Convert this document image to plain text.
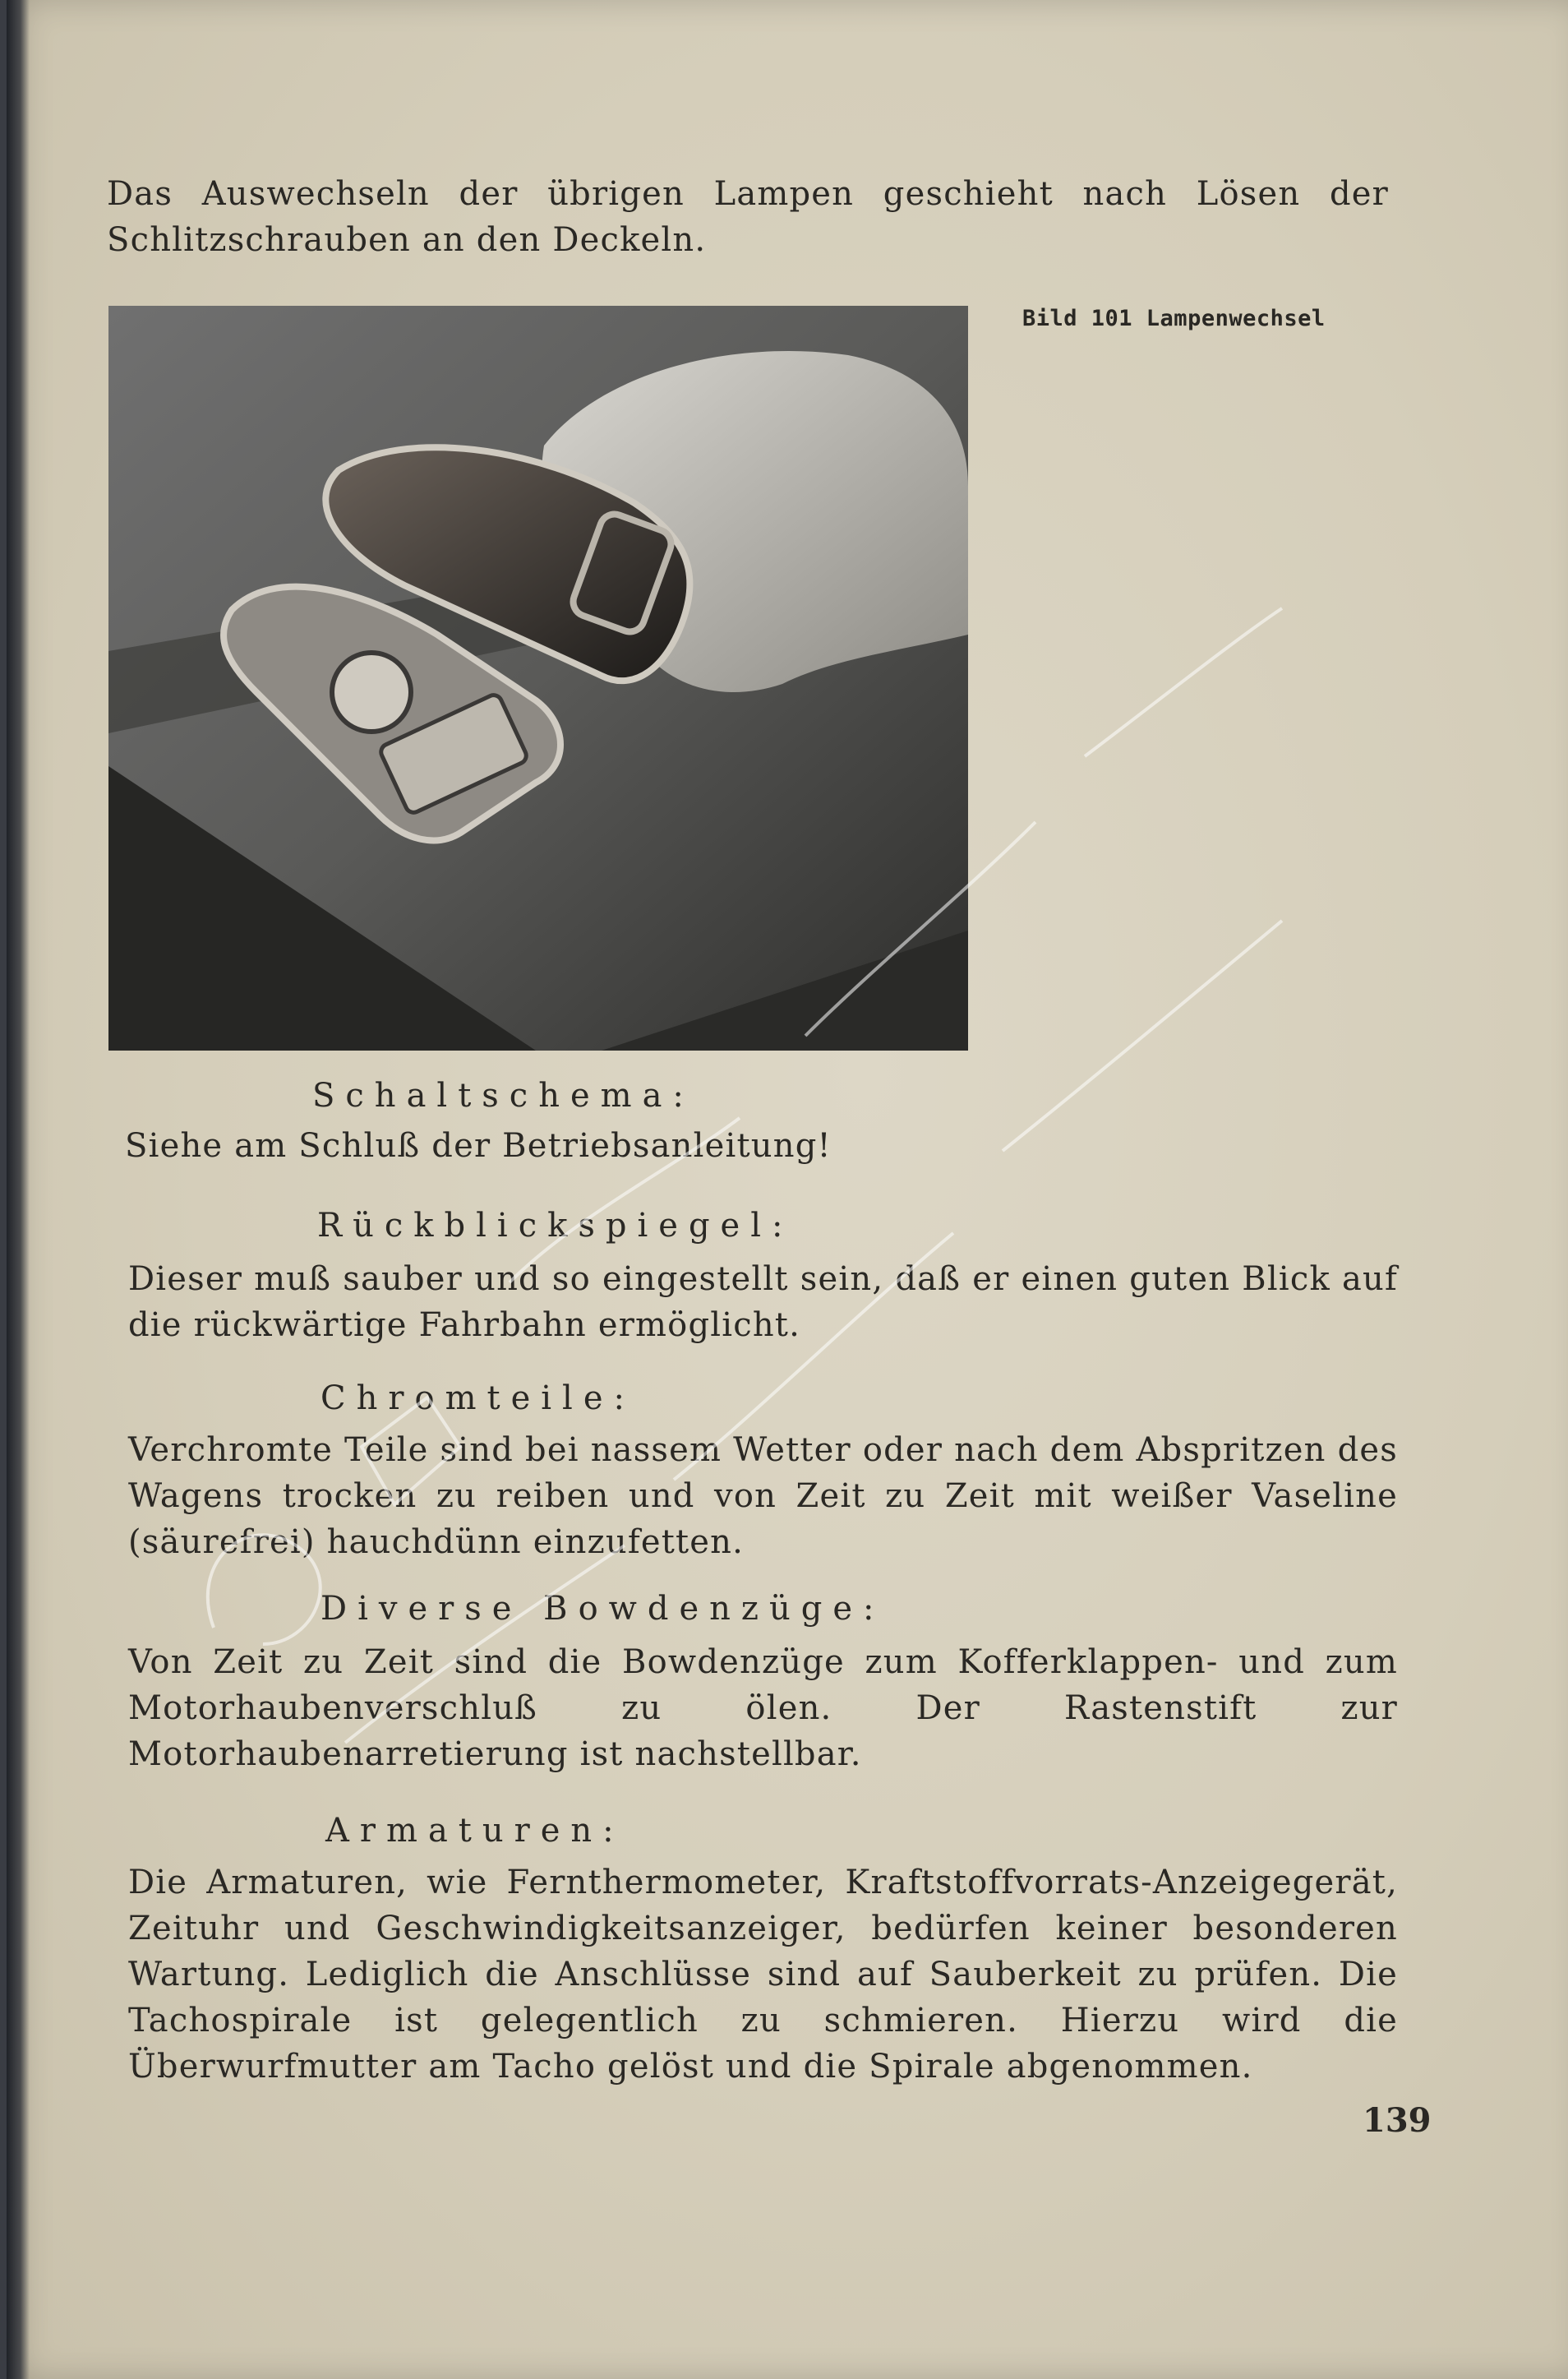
Das Auswechseln der übrigen Lampen geschieht nach Lösen der Schlitzschrauben an den Deckeln.

Bild 101 Lampenwechsel
Schaltschema:

Siehe am Schluß der Betriebsanleitung!

Rückblickspiegel:

Dieser muß sauber und so eingestellt sein, daß er einen guten Blick auf die rückwärtige Fahrbahn ermöglicht.

Chromteile:

Verchromte Teile sind bei nassem Wetter oder nach dem Abspritzen des Wagens trocken zu reiben und von Zeit zu Zeit mit weißer Vaseline (säurefrei) hauchdünn einzufetten.

Diverse Bowdenzüge:

Von Zeit zu Zeit sind die Bowdenzüge zum Kofferklappen- und zum Motorhaubenverschluß zu ölen. Der Rastenstift zur Motorhaubenarretierung ist nachstellbar.

Armaturen:

Die Armaturen, wie Fernthermometer, Kraftstoffvorrats-Anzeigegerät, Zeituhr und Geschwindigkeitsanzeiger, bedürfen keiner besonderen Wartung. Lediglich die Anschlüsse sind auf Sauberkeit zu prüfen. Die Tachospirale ist gelegentlich zu schmieren. Hierzu wird die Überwurfmutter am Tacho gelöst und die Spirale abgenommen.

139
